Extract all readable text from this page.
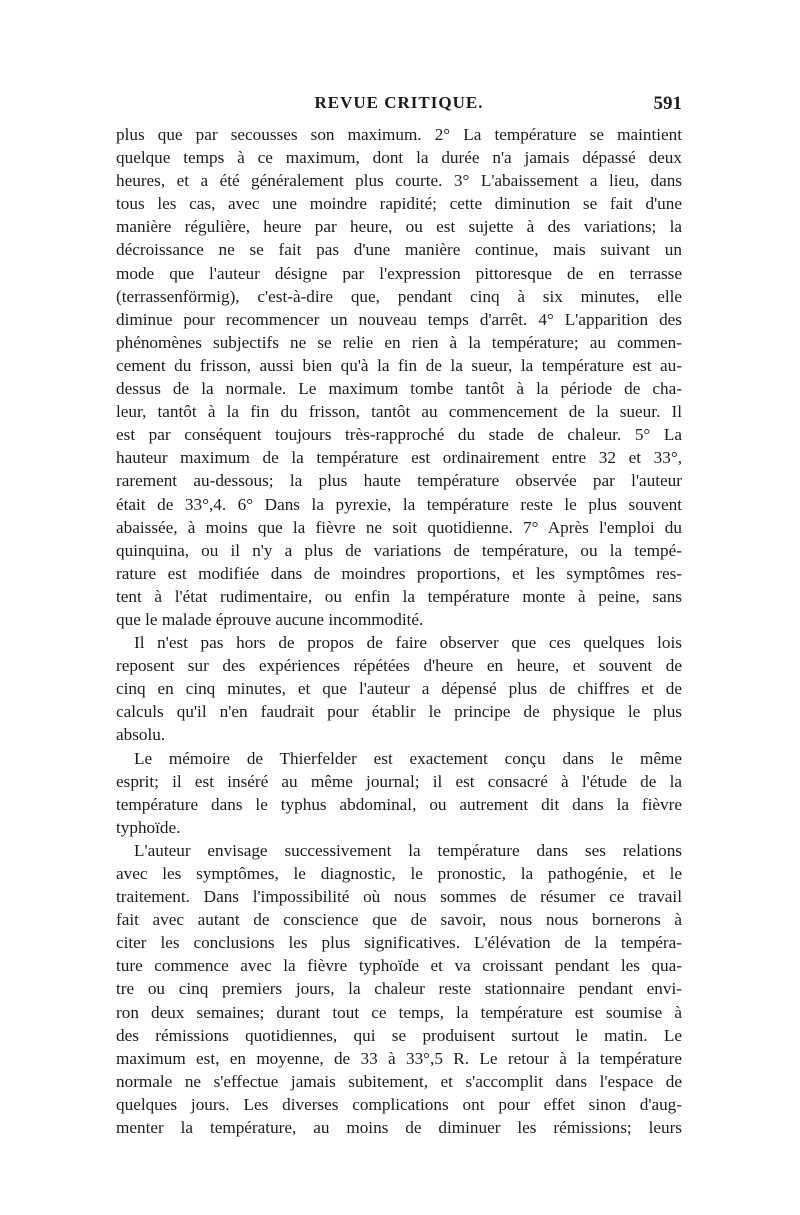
REVUE CRITIQUE.	591
plus que par secousses son maximum. 2° La température se maintient
quelque temps à ce maximum, dont la durée n'a jamais dépassé deux
heures, et a été généralement plus courte. 3° L'abaissement a lieu, dans
tous les cas, avec une moindre rapidité; cette diminution se fait d'une
manière régulière, heure par heure, ou est sujette à des variations; la
décroissance ne se fait pas d'une manière continue, mais suivant un
mode que l'auteur désigne par l'expression pittoresque de en terrasse
(terrassenförmig), c'est-à-dire que, pendant cinq à six minutes, elle
diminue pour recommencer un nouveau temps d'arrêt. 4° L'apparition des
phénomènes subjectifs ne se relie en rien à la température; au commen-
cement du frisson, aussi bien qu'à la fin de la sueur, la température est au-
dessus de la normale. Le maximum tombe tantôt à la période de cha-
leur, tantôt à la fin du frisson, tantôt au commencement de la sueur. Il
est par conséquent toujours très-rapproché du stade de chaleur. 5° La
hauteur maximum de la température est ordinairement entre 32 et 33°,
rarement au-dessous; la plus haute température observée par l'auteur
était de 33°,4. 6° Dans la pyrexie, la température reste le plus souvent
abaissée, à moins que la fièvre ne soit quotidienne. 7° Après l'emploi du
quinquina, ou il n'y a plus de variations de température, ou la tempé-
rature est modifiée dans de moindres proportions, et les symptômes res-
tent à l'état rudimentaire, ou enfin la température monte à peine, sans
que le malade éprouve aucune incommodité.
Il n'est pas hors de propos de faire observer que ces quelques lois
reposent sur des expériences répétées d'heure en heure, et souvent de
cinq en cinq minutes, et que l'auteur a dépensé plus de chiffres et de
calculs qu'il n'en faudrait pour établir le principe de physique le plus
absolu.
Le mémoire de Thierfelder est exactement conçu dans le même
esprit; il est inséré au même journal; il est consacré à l'étude de la
température dans le typhus abdominal, ou autrement dit dans la fièvre
typhoïde.
L'auteur envisage successivement la température dans ses relations
avec les symptômes, le diagnostic, le pronostic, la pathogénie, et le
traitement. Dans l'impossibilité où nous sommes de résumer ce travail
fait avec autant de conscience que de savoir, nous nous bornerons à
citer les conclusions les plus significatives. L'élévation de la tempéra-
ture commence avec la fièvre typhoïde et va croissant pendant les qua-
tre ou cinq premiers jours, la chaleur reste stationnaire pendant envi-
ron deux semaines; durant tout ce temps, la température est soumise à
des rémissions quotidiennes, qui se produisent surtout le matin. Le
maximum est, en moyenne, de 33 à 33°,5 R. Le retour à la température
normale ne s'effectue jamais subitement, et s'accomplit dans l'espace de
quelques jours. Les diverses complications ont pour effet sinon d'aug-
menter la température, au moins de diminuer les rémissions; leurs
